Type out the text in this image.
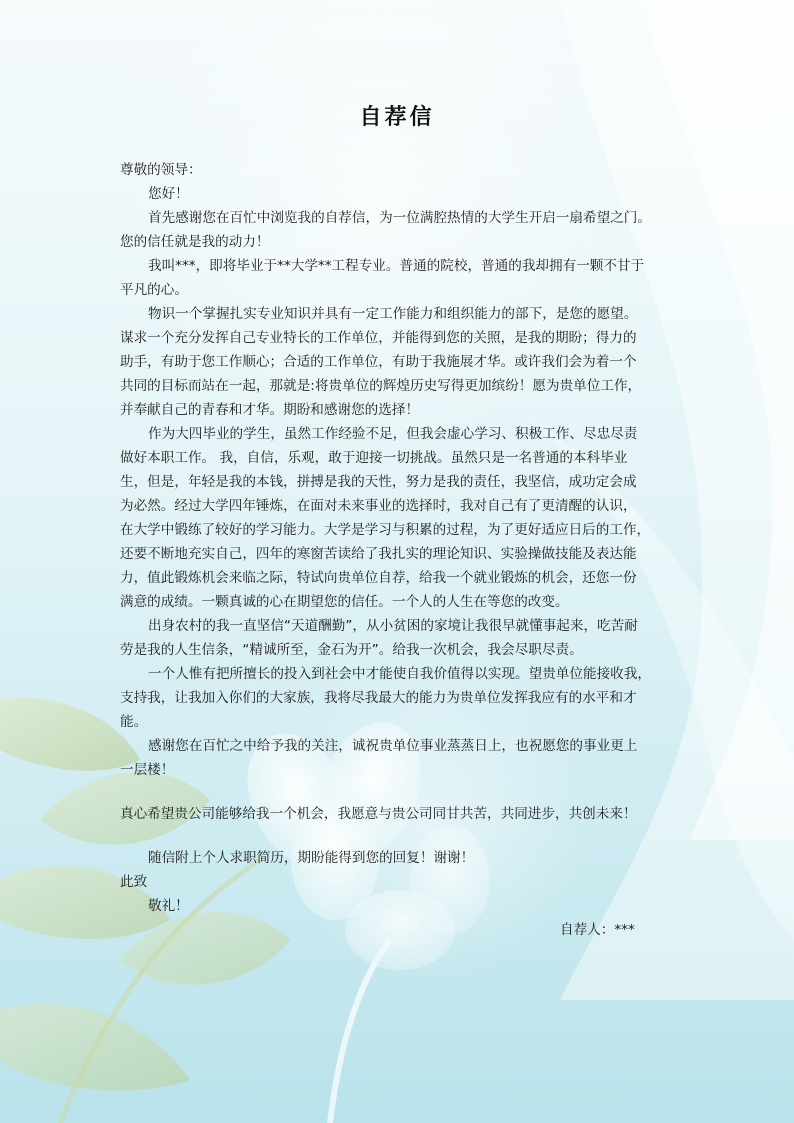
自荐信
尊敬的领导：
您好！
首先感谢您在百忙中浏览我的自荐信，为一位满腔热情的大学生开启一扇希望之门。
您的信任就是我的动力！
我叫***，即将毕业于**大学**工程专业。普通的院校，普通的我却拥有一颗不甘于
平凡的心。
物识一个掌握扎实专业知识并具有一定工作能力和组织能力的部下，是您的愿望。
谋求一个充分发挥自己专业特长的工作单位，并能得到您的关照，是我的期盼；得力的
助手，有助于您工作顺心；合适的工作单位，有助于我施展才华。或许我们会为着一个
共同的目标而站在一起，那就是:将贵单位的辉煌历史写得更加缤纷！愿为贵单位工作，
并奉献自己的青春和才华。期盼和感谢您的选择！
作为大四毕业的学生，虽然工作经验不足，但我会虚心学习、积极工作、尽忠尽责
做好本职工作。 我，自信，乐观，敢于迎接一切挑战。虽然只是一名普通的本科毕业
生，但是，年轻是我的本钱，拼搏是我的天性，努力是我的责任，我坚信，成功定会成
为必然。经过大学四年锤炼，在面对未来事业的选择时，我对自己有了更清醒的认识，
在大学中锻练了较好的学习能力。大学是学习与积累的过程，为了更好适应日后的工作，
还要不断地充实自己，四年的寒窗苦读给了我扎实的理论知识、实验操做技能及表达能
力，值此锻炼机会来临之际，特试向贵单位自荐，给我一个就业锻炼的机会，还您一份
满意的成绩。一颗真诚的心在期望您的信任。一个人的人生在等您的改变。
出身农村的我一直坚信“天道酬勤”，从小贫困的家境让我很早就懂事起来，吃苦耐
劳是我的人生信条，“精诚所至，金石为开”。给我一次机会，我会尽职尽责。
一个人惟有把所擅长的投入到社会中才能使自我价值得以实现。望贵单位能接收我，
支持我，让我加入你们的大家族，我将尽我最大的能力为贵单位发挥我应有的水平和才
能。
感谢您在百忙之中给予我的关注，诚祝贵单位事业蒸蒸日上，也祝愿您的事业更上
一层楼！
真心希望贵公司能够给我一个机会，我愿意与贵公司同甘共苦，共同进步，共创未来！
随信附上个人求职简历，期盼能得到您的回复！谢谢！
此致
敬礼！
自荐人：***
